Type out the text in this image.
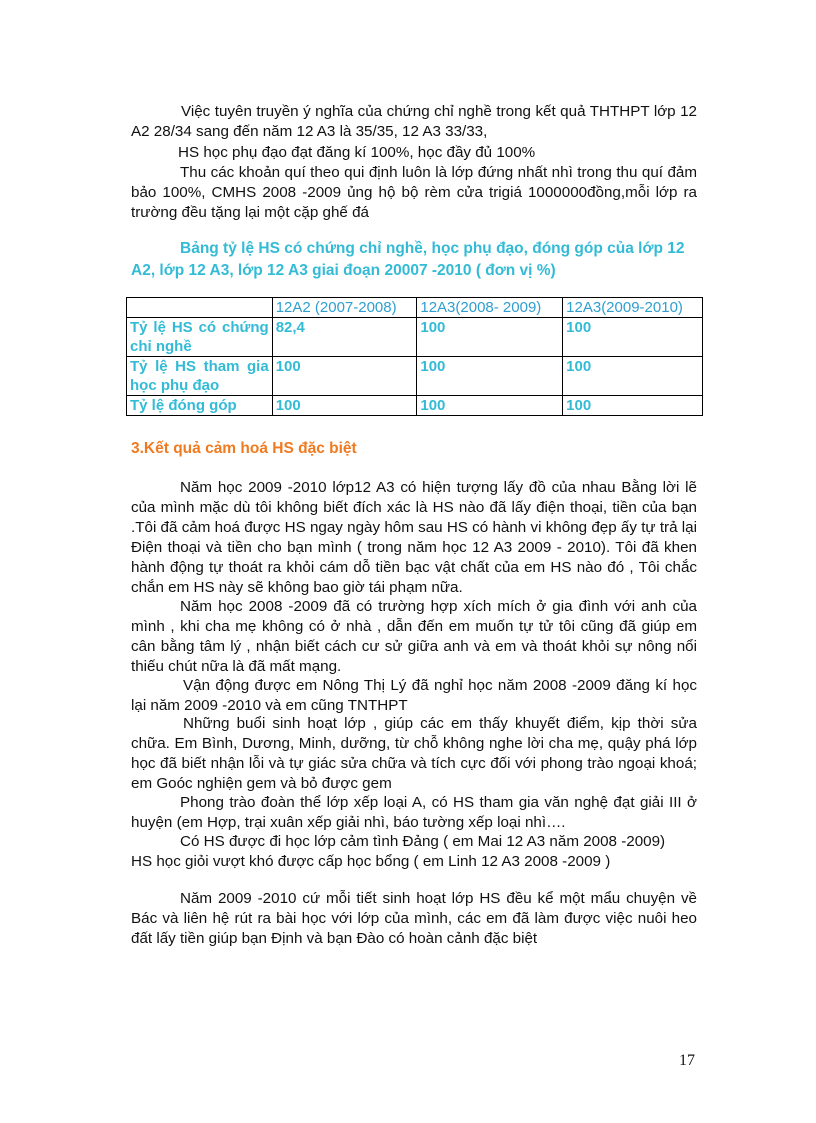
Việc tuyên truyền ý nghĩa của chứng chỉ nghề trong kết quả THTHPT lớp 12 A2 28/34 sang đến năm 12 A3 là 35/35, 12 A3 33/33,
HS học phụ đạo đạt đăng kí 100%, học đầy đủ 100%
Thu các khoản quí theo qui định luôn là lớp đứng nhất nhì trong thu quí đảm bảo 100%, CMHS 2008 -2009 ủng hộ bộ rèm cửa trigiá 1000000đồng,mỗi lớp ra trường đều tặng lại một cặp ghế đá
Bảng tỷ lệ HS có chứng chỉ nghề, học phụ đạo, đóng góp của lớp 12 A2, lớp 12 A3, lớp 12 A3 giai đoạn 20007 -2010 ( đơn vị %)
	12A2 (2007-2008)	12A3(2008- 2009)	12A3(2009-2010)
Tỷ lệ HS có chứng chỉ nghề	82,4	100	100
Tỷ lệ HS tham gia học phụ đạo	100	100	100
Tỷ lệ đóng góp	100	100	100
3.Kết quả cảm hoá HS đặc biệt
Năm học 2009 -2010 lớp12 A3 có hiện tượng lấy đồ của nhau Bằng lời lẽ của mình mặc dù tôi không biết đích xác là HS nào đã lấy điện thoại, tiền của bạn .Tôi đã cảm hoá được HS ngay ngày hôm sau HS có hành vi không đẹp ấy tự trả lại Điện thoại và tiền cho bạn mình ( trong năm học 12 A3 2009 - 2010). Tôi đã khen hành động tự thoát ra khỏi cám dỗ tiền bạc vật chất của em HS nào đó , Tôi chắc chắn em HS này sẽ không bao giờ tái phạm nữa.
Năm học 2008 -2009 đã có trường hợp xích mích ở gia đình với anh của mình , khi cha mẹ không có ở nhà , dẫn đến em muốn tự tử tôi cũng đã giúp em cân bằng tâm lý , nhận biết cách cư sử giữa anh và em và thoát khỏi sự nông nổi thiếu chút nữa là đã mất mạng.
Vận động được em Nông Thị Lý đã nghỉ học năm 2008 -2009 đăng kí học lại năm 2009 -2010 và em cũng TNTHPT
Những buổi sinh hoạt lớp , giúp các em thấy khuyết điểm, kịp thời sửa chữa. Em Bình, Dương, Minh, dưỡng, từ chỗ không nghe lời cha mẹ, quậy phá lớp học đã biết nhận lỗi và tự giác sửa chữa và tích cực đối với phong trào ngoại khoá; em Goóc nghiện gem và bỏ được gem
Phong trào đoàn thể lớp xếp loại A, có HS tham gia văn nghệ đạt giải III ở huyện (em Hợp, trại xuân xếp giải nhì, báo tường xếp loại nhì….
Có HS được đi học lớp cảm tình Đảng ( em Mai 12 A3 năm 2008 -2009)
HS học giỏi vượt khó được cấp học bổng ( em Linh 12 A3 2008 -2009 )
Năm 2009 -2010 cứ mỗi tiết sinh hoạt lớp HS đều kể một mẩu chuyện về Bác và liên hệ rút ra bài học với lớp của mình, các em đã làm được việc nuôi heo đất lấy tiền giúp bạn Định và bạn Đào có hoàn cảnh đặc biệt
17
